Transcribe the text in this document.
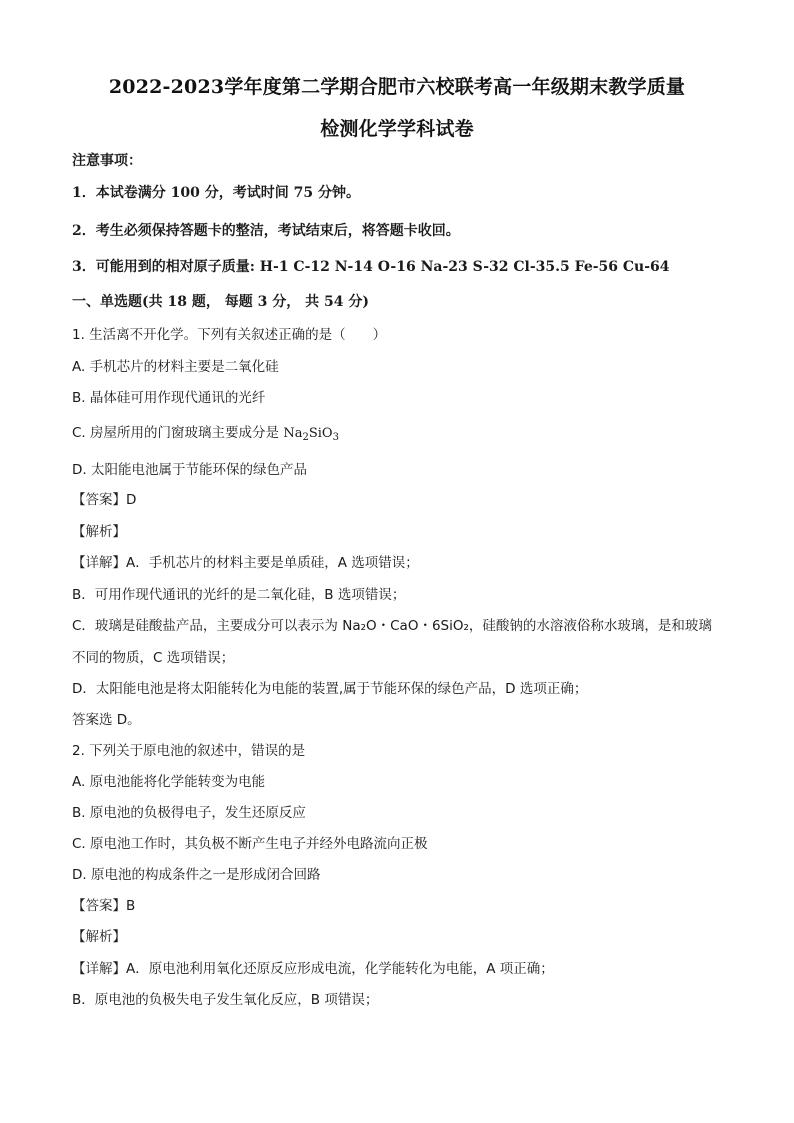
2022-2023学年度第二学期合肥市六校联考高一年级期末教学质量
检测化学学科试卷
注意事项：
1．本试卷满分 100 分，考试时间 75 分钟。
2．考生必须保持答题卡的整洁，考试结束后，将答题卡收回。
3．可能用到的相对原子质量: H-1 C-12 N-14 O-16 Na-23 S-32 Cl-35.5 Fe-56 Cu-64
一、单选题(共 18 题， 每题 3 分， 共 54 分)
1. 生活离不开化学。下列有关叙述正确的是（　　）
A. 手机芯片的材料主要是二氧化硅
B. 晶体硅可用作现代通讯的光纤
C. 房屋所用的门窗玻璃主要成分是 $Na_2SiO_3$
D. 太阳能电池属于节能环保的绿色产品
【答案】D
【解析】
【详解】A．手机芯片的材料主要是单质硅，A 选项错误；
B．可用作现代通讯的光纤的是二氧化硅，B 选项错误；
C．玻璃是硅酸盐产品，主要成分可以表示为 Na₂O・CaO・6SiO₂，硅酸钠的水溶液俗称水玻璃，是和玻璃
不同的物质，C 选项错误；
D．太阳能电池是将太阳能转化为电能的装置,属于节能环保的绿色产品，D 选项正确；
答案选 D。
2. 下列关于原电池的叙述中，错误的是
A. 原电池能将化学能转变为电能
B. 原电池的负极得电子，发生还原反应
C. 原电池工作时，其负极不断产生电子并经外电路流向正极
D. 原电池的构成条件之一是形成闭合回路
【答案】B
【解析】
【详解】A．原电池利用氧化还原反应形成电流，化学能转化为电能，A 项正确；
B．原电池的负极失电子发生氧化反应，B 项错误；
